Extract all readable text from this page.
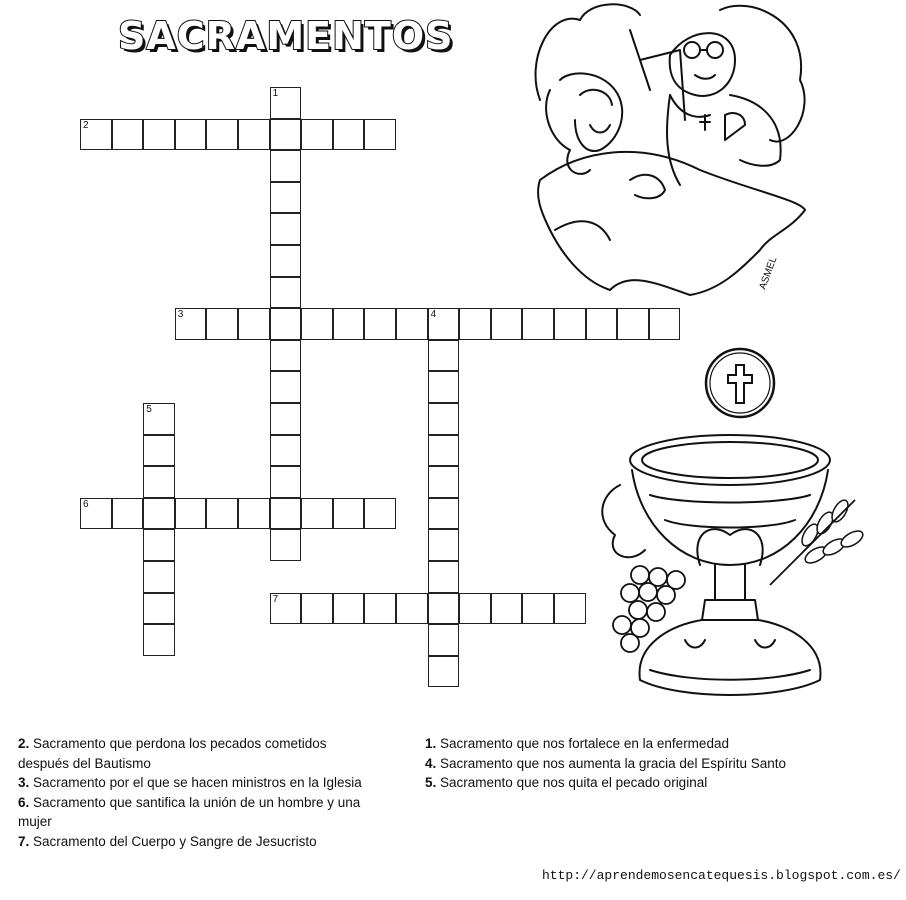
SACRAMENTOS
1
2
3	4
5
6
7
ASMEL

2. Sacramento que perdona los pecados cometidos después del Bautismo

3. Sacramento por el que se hacen ministros en la Iglesia

6. Sacramento que santifica la unión de un hombre y una mujer

7. Sacramento del Cuerpo y Sangre de Jesucristo

1. Sacramento que nos fortalece en la enfermedad

4. Sacramento que nos aumenta la gracia del Espíritu Santo

5. Sacramento que nos quita el pecado original

http://aprendemosencatequesis.blogspot.com.es/
